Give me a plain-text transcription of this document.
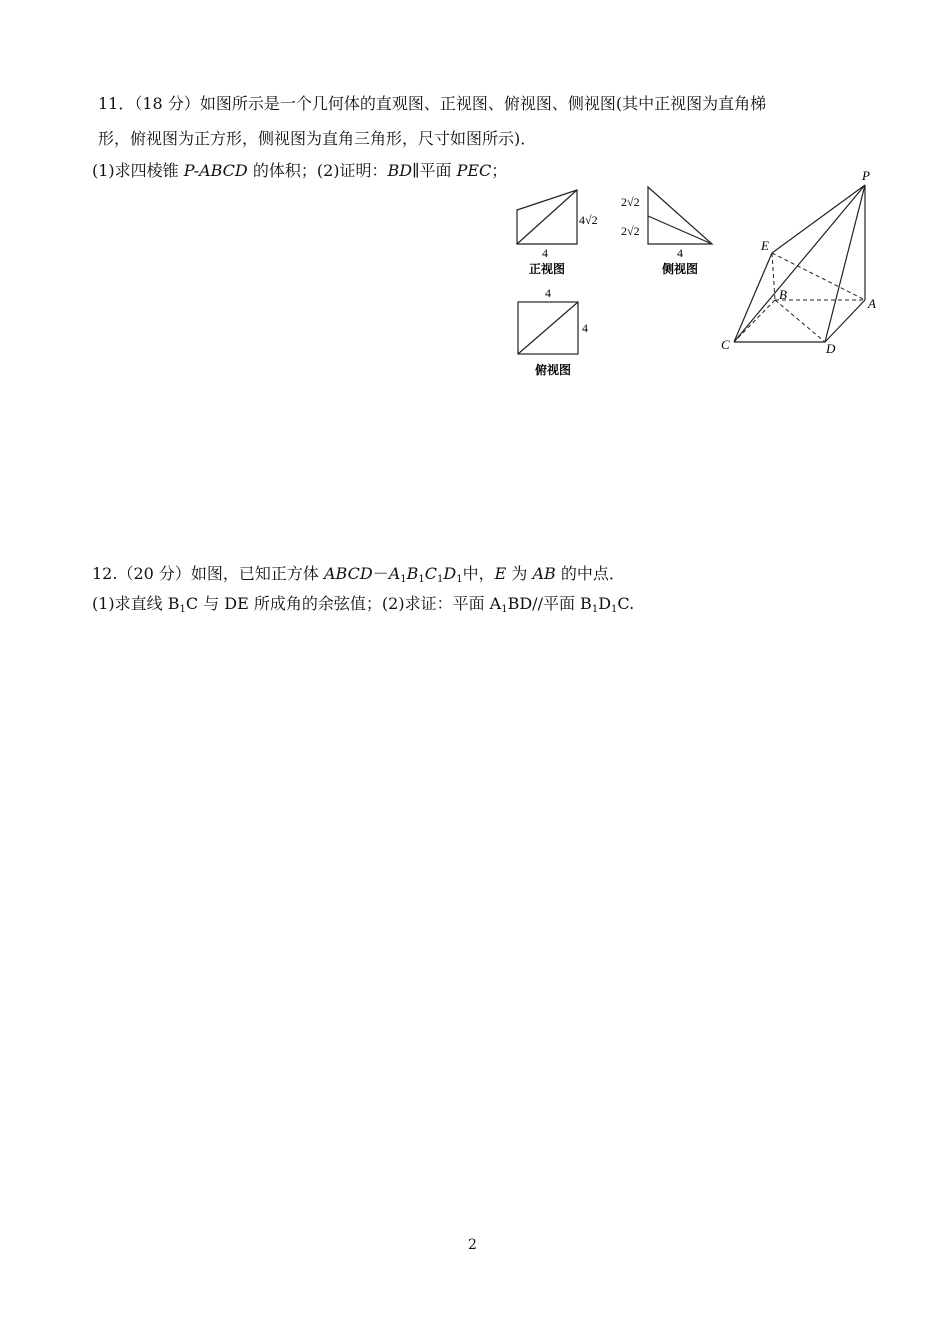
11．（18 分）如图所示是一个几何体的直观图、正视图、俯视图、侧视图(其中正视图为直角梯
形，俯视图为正方形，侧视图为直角三角形，尺寸如图所示)．
(1)求四棱锥 P-ABCD 的体积；(2)证明：BD∥平面 PEC；
4√2
4
正视图
2√2
2√2
4
侧视图
4
4
俯视图
P
E
B
A
C	D
12.（20 分）如图，已知正方体 $ABCD-A_1B_1C_1D_1$中，E 为 AB 的中点．
(1)求直线 $B_1C$ 与 DE 所成角的余弦值；(2)求证：平面 $A_1BD//$平面 $B_1D_1C$.
2
